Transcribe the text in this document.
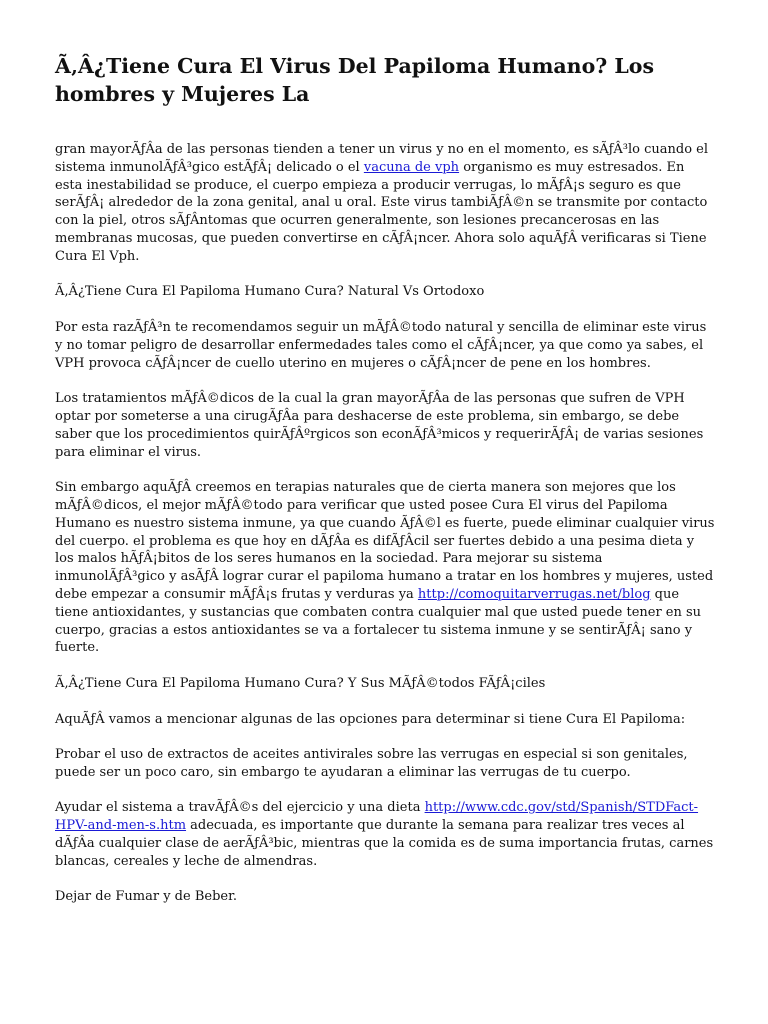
Ã‚Â¿Tiene Cura El Virus Del Papiloma Humano? Los hombres y Mujeres La

gran mayorÃƒÂa de las personas tienden a tener un virus y no en el momento, es sÃƒÂ³lo cuando el sistema inmunolÃƒÂ³gico estÃƒÂ¡ delicado o el vacuna de vph organismo es muy estresados. En esta inestabilidad se produce, el cuerpo empieza a producir verrugas, lo mÃƒÂ¡s seguro es que serÃƒÂ¡ alrededor de la zona genital, anal u oral. Este virus tambiÃƒÂ©n se transmite por contacto con la piel, otros sÃƒÂntomas que ocurren generalmente, son lesiones precancerosas en las membranas mucosas, que pueden convertirse en cÃƒÂ¡ncer. Ahora solo aquÃƒÂ verificaras si Tiene Cura El Vph.

Ã‚Â¿Tiene Cura El Papiloma Humano Cura? Natural Vs Ortodoxo

Por esta razÃƒÂ³n te recomendamos seguir un mÃƒÂ©todo natural y sencilla de eliminar este virus y no tomar peligro de desarrollar enfermedades tales como el cÃƒÂ¡ncer, ya que como ya sabes, el VPH provoca cÃƒÂ¡ncer de cuello uterino en mujeres o cÃƒÂ¡ncer de pene en los hombres.

Los tratamientos mÃƒÂ©dicos de la cual la gran mayorÃƒÂa de las personas que sufren de VPH optar por someterse a una cirugÃƒÂa para deshacerse de este problema, sin embargo, se debe saber que los procedimientos quirÃƒÂºrgicos son econÃƒÂ³micos y requerirÃƒÂ¡ de varias sesiones para eliminar el virus.

Sin embargo aquÃƒÂ creemos en terapias naturales que de cierta manera son mejores que los mÃƒÂ©dicos, el mejor mÃƒÂ©todo para verificar que usted posee Cura El virus del Papiloma Humano es nuestro sistema inmune, ya que cuando ÃƒÂ©l es fuerte, puede eliminar cualquier virus del cuerpo. el problema es que hoy en dÃƒÂa es difÃƒÂcil ser fuertes debido a una pesima dieta y los malos hÃƒÂ¡bitos de los seres humanos en la sociedad. Para mejorar su sistema inmunolÃƒÂ³gico y asÃƒÂ lograr curar el papiloma humano a tratar en los hombres y mujeres, usted debe empezar a consumir mÃƒÂ¡s frutas y verduras ya http://comoquitarverrugas.net/blog que tiene antioxidantes, y sustancias que combaten contra cualquier mal que usted puede tener en su cuerpo, gracias a estos antioxidantes se va a fortalecer tu sistema inmune y se sentirÃƒÂ¡ sano y fuerte.

Ã‚Â¿Tiene Cura El Papiloma Humano Cura? Y Sus MÃƒÂ©todos FÃƒÂ¡ciles

AquÃƒÂ vamos a mencionar algunas de las opciones para determinar si tiene Cura El Papiloma:

Probar el uso de extractos de aceites antivirales sobre las verrugas en especial si son genitales, puede ser un poco caro, sin embargo te ayudaran a eliminar las verrugas de tu cuerpo.

Ayudar el sistema a travÃƒÂ©s del ejercicio y una dieta http://www.cdc.gov/std/Spanish/STDFact-HPV-and-men-s.htm adecuada, es importante que durante la semana para realizar tres veces al dÃƒÂa cualquier clase de aerÃƒÂ³bic, mientras que la comida es de suma importancia frutas, carnes blancas, cereales y leche de almendras.

Dejar de Fumar y de Beber.
